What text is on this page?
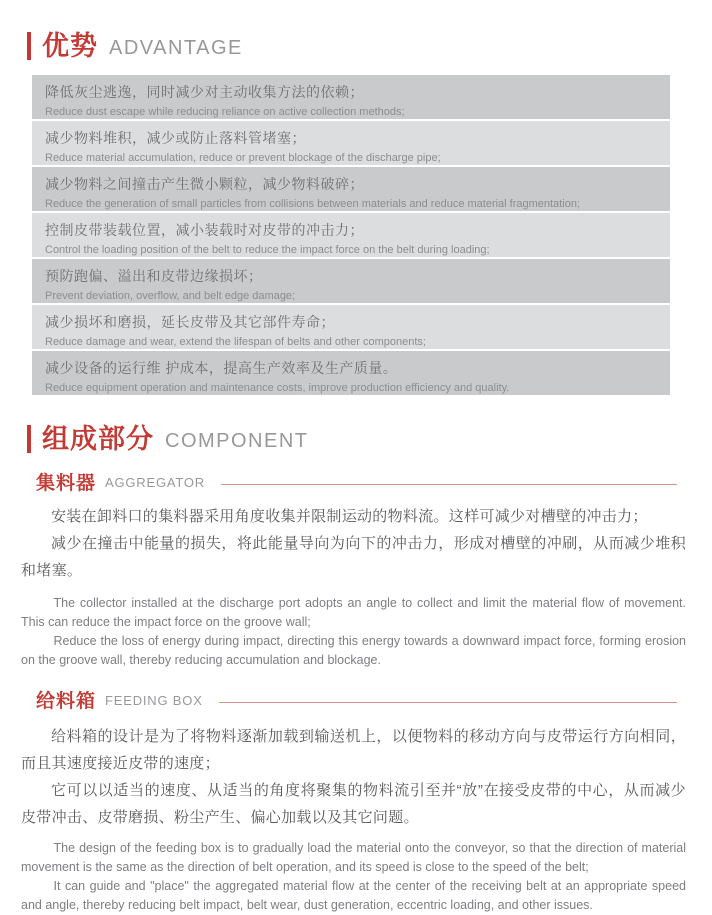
优势 ADVANTAGE
降低灰尘逃逸，同时减少对主动收集方法的依赖；
Reduce dust escape while reducing reliance on active collection methods;
减少物料堆积，减少或防止落料管堵塞；
Reduce material accumulation, reduce or prevent blockage of the discharge pipe;
减少物料之间撞击产生微小颗粒，减少物料破碎；
Reduce the generation of small particles from collisions between materials and reduce material fragmentation;
控制皮带装载位置，减小装载时对皮带的冲击力；
Control the loading position of the belt to reduce the impact force on the belt during loading;
预防跑偏、溢出和皮带边缘损坏；
Prevent deviation, overflow, and belt edge damage;
减少损坏和磨损，延长皮带及其它部件寿命；
Reduce damage and wear, extend the lifespan of belts and other components;
减少设备的运行维 护成本，提高生产效率及生产质量。
Reduce equipment operation and maintenance costs, improve production efficiency and quality.
组成部分 COMPONENT
集料器 AGGREGATOR

安装在卸料口的集料器采用角度收集并限制运动的物料流。这样可减少对槽壁的冲击力；

减少在撞击中能量的损失，将此能量导向为向下的冲击力，形成对槽壁的冲刷，从而减少堆积和堵塞。

The collector installed at the discharge port adopts an angle to collect and limit the material flow of movement. This can reduce the impact force on the groove wall;

Reduce the loss of energy during impact, directing this energy towards a downward impact force, forming erosion on the groove wall, thereby reducing accumulation and blockage.

给料箱 FEEDING BOX

给料箱的设计是为了将物料逐渐加载到输送机上，以便物料的移动方向与皮带运行方向相同，而且其速度接近皮带的速度；

它可以以适当的速度、从适当的角度将聚集的物料流引至并“放”在接受皮带的中心，从而减少皮带冲击、皮带磨损、粉尘产生、偏心加载以及其它问题。

The design of the feeding box is to gradually load the material onto the conveyor, so that the direction of material movement is the same as the direction of belt operation, and its speed is close to the speed of the belt;

It can guide and "place" the aggregated material flow at the center of the receiving belt at an appropriate speed and angle, thereby reducing belt impact, belt wear, dust generation, eccentric loading, and other issues.
